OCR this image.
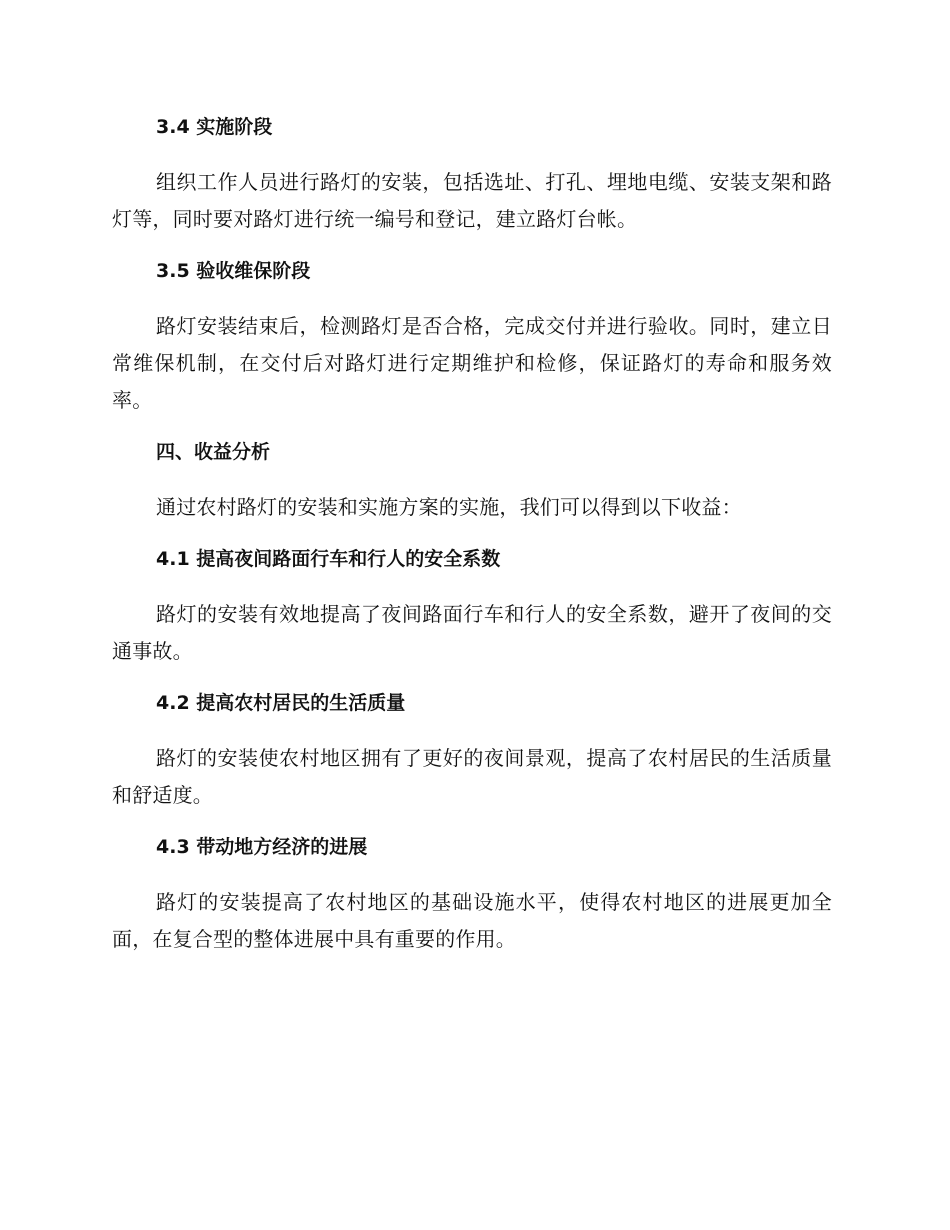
3.4 实施阶段

组织工作人员进行路灯的安装，包括选址、打孔、埋地电缆、安装支架和路灯等，同时要对路灯进行统一编号和登记，建立路灯台帐。

3.5 验收维保阶段

路灯安装结束后，检测路灯是否合格，完成交付并进行验收。同时，建立日常维保机制，在交付后对路灯进行定期维护和检修，保证路灯的寿命和服务效率。

四、收益分析

通过农村路灯的安装和实施方案的实施，我们可以得到以下收益：

4.1 提高夜间路面行车和行人的安全系数

路灯的安装有效地提高了夜间路面行车和行人的安全系数，避开了夜间的交通事故。

4.2 提高农村居民的生活质量

路灯的安装使农村地区拥有了更好的夜间景观，提高了农村居民的生活质量和舒适度。

4.3 带动地方经济的进展

路灯的安装提高了农村地区的基础设施水平，使得农村地区的进展更加全面，在复合型的整体进展中具有重要的作用。
